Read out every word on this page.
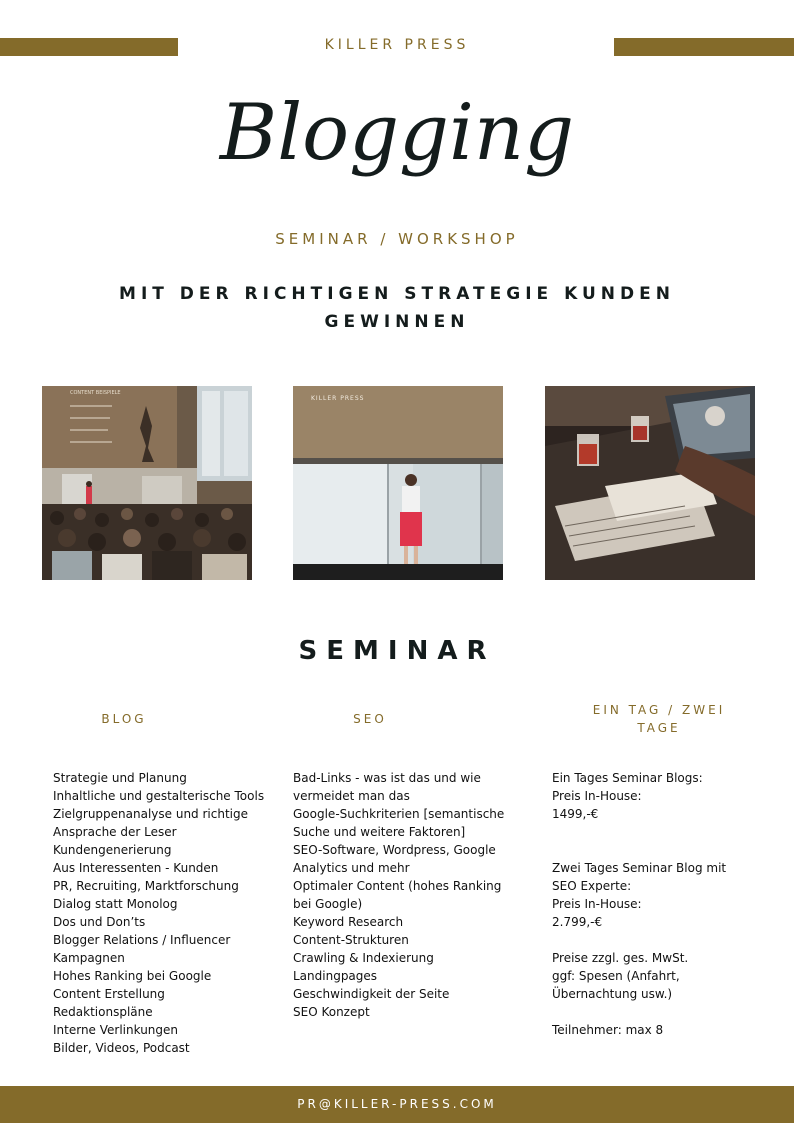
KILLER PRESS
Blogging
SEMINAR / WORKSHOP
MIT DER RICHTIGEN STRATEGIE KUNDEN GEWINNEN
CONTENT BEISPIELE
KILLER PRESS
SEMINAR
BLOG	SEO
EIN TAG / ZWEI TAGE
Strategie und Planung
Inhaltliche und gestalterische Tools
Zielgruppenanalyse und richtige Ansprache der Leser
Kundengenerierung
Aus Interessenten - Kunden
PR, Recruiting, Marktforschung
Dialog statt Monolog
Dos und Don’ts
Blogger Relations / Influencer Kampagnen
Hohes Ranking bei Google
Content Erstellung
Redaktionspläne
Interne Verlinkungen
Bilder, Videos, Podcast
Bad-Links - was ist das und wie vermeidet man das
Google-Suchkriterien [semantische Suche und weitere Faktoren]
SEO-Software, Wordpress, Google Analytics und mehr
Optimaler Content (hohes Ranking bei Google)
Keyword Research
Content-Strukturen
Crawling & Indexierung
Landingpages
Geschwindigkeit der Seite
SEO Konzept
Ein Tages Seminar Blogs:
Preis In-House:
1499,-€
Zwei Tages Seminar Blog mit
SEO Experte:
Preis In-House:
2.799,-€
Preise zzgl. ges. MwSt.
ggf: Spesen (Anfahrt,
Übernachtung usw.)
Teilnehmer: max 8
PR@KILLER-PRESS.COM
